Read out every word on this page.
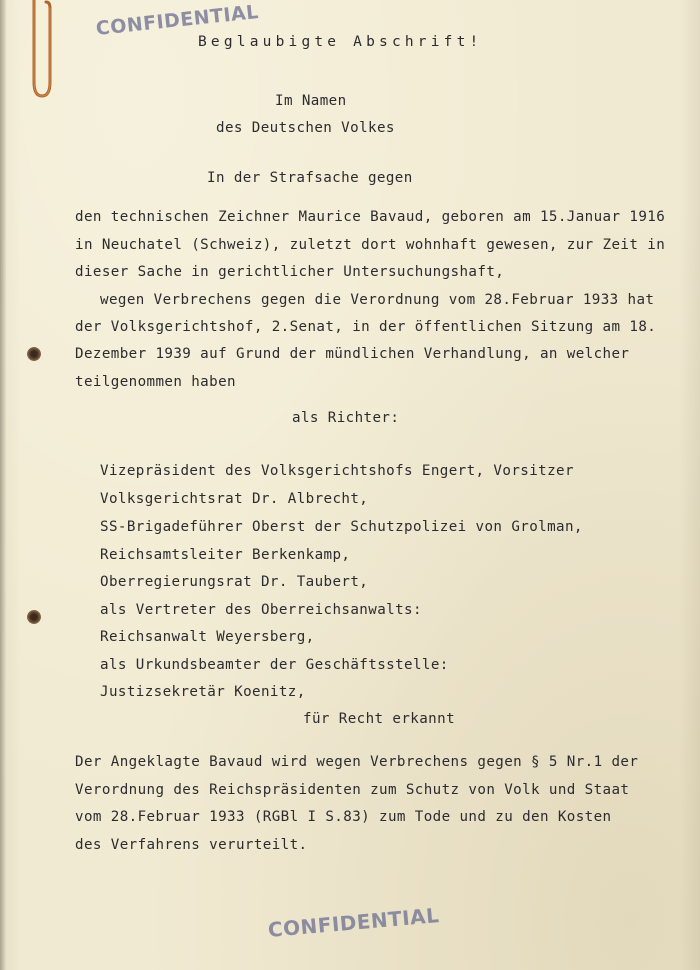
CONFIDENTIAL
Beglaubigte Abschrift!
Im Namen
des Deutschen Volkes
In der Strafsache gegen
den technischen Zeichner Maurice Bavaud, geboren am 15.Januar 1916
in Neuchatel (Schweiz), zuletzt dort wohnhaft gewesen, zur Zeit in
dieser Sache in gerichtlicher Untersuchungshaft,
wegen Verbrechens gegen die Verordnung vom 28.Februar 1933 hat
der Volksgerichtshof, 2.Senat, in der öffentlichen Sitzung am 18.
Dezember 1939 auf Grund der mündlichen Verhandlung, an welcher
teilgenommen haben
als Richter:
Vizepräsident des Volksgerichtshofs Engert, Vorsitzer
Volksgerichtsrat Dr. Albrecht,
SS-Brigadeführer Oberst der Schutzpolizei von Grolman,
Reichsamtsleiter Berkenkamp,
Oberregierungsrat Dr. Taubert,
als Vertreter des Oberreichsanwalts:
Reichsanwalt Weyersberg,
als Urkundsbeamter der Geschäftsstelle:
Justizsekretär Koenitz,
für Recht erkannt
Der Angeklagte Bavaud wird wegen Verbrechens gegen § 5 Nr.1 der
Verordnung des Reichspräsidenten zum Schutz von Volk und Staat
vom 28.Februar 1933 (RGBl I S.83) zum Tode und zu den Kosten
des Verfahrens verurteilt.
CONFIDENTIAL
